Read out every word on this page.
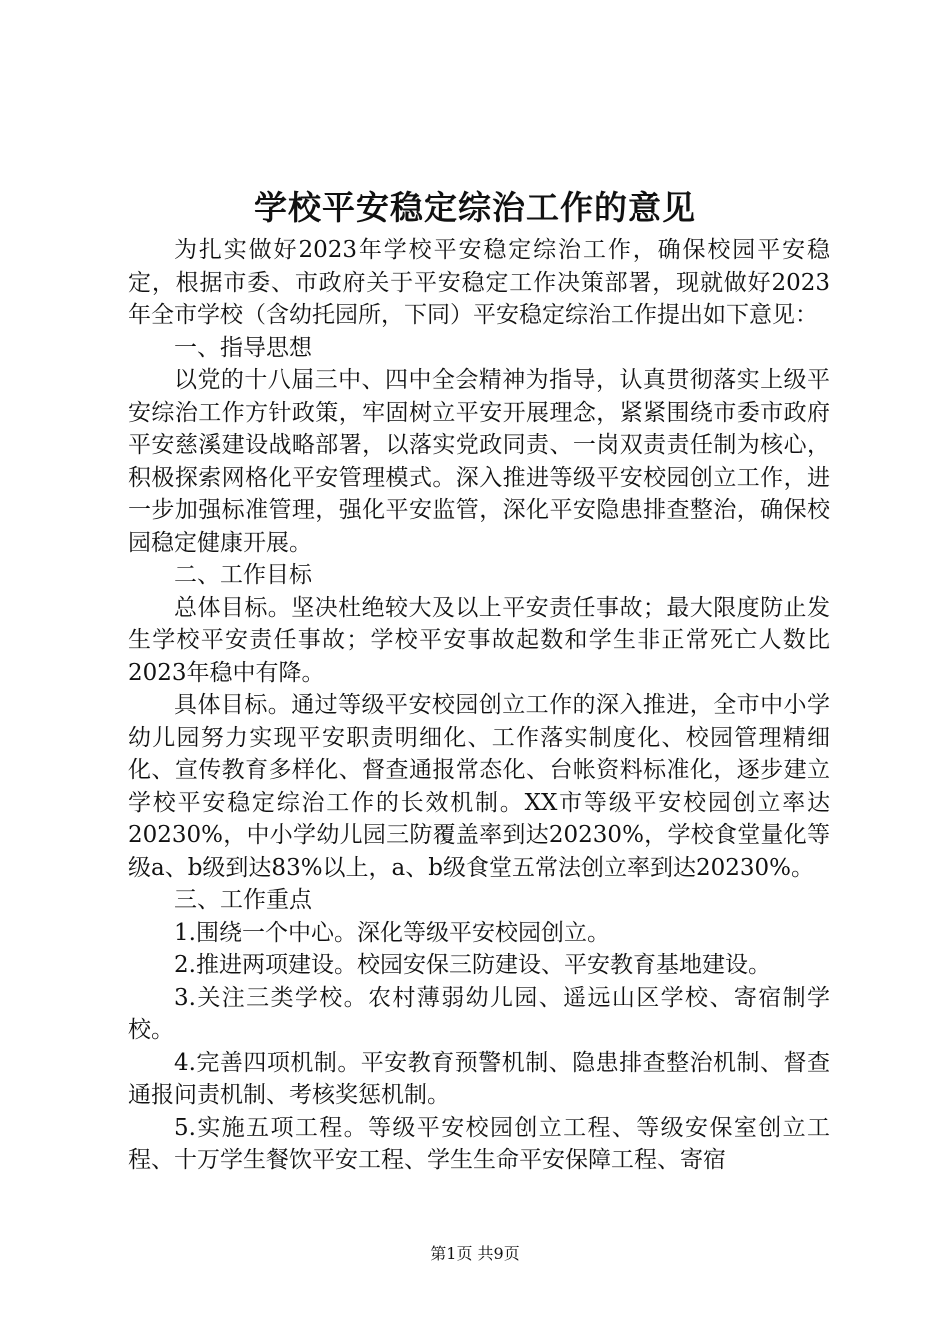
学校平安稳定综治工作的意见

为扎实做好2023年学校平安稳定综治工作，确保校园平安稳定，根据市委、市政府关于平安稳定工作决策部署，现就做好2023年全市学校（含幼托园所，下同）平安稳定综治工作提出如下意见：

一、指导思想

以党的十八届三中、四中全会精神为指导，认真贯彻落实上级平安综治工作方针政策，牢固树立平安开展理念，紧紧围绕市委市政府平安慈溪建设战略部署，以落实党政同责、一岗双责责任制为核心，积极探索网格化平安管理模式。深入推进等级平安校园创立工作，进一步加强标准管理，强化平安监管，深化平安隐患排查整治，确保校园稳定健康开展。

二、工作目标

总体目标。坚决杜绝较大及以上平安责任事故；最大限度防止发生学校平安责任事故；学校平安事故起数和学生非正常死亡人数比2023年稳中有降。

具体目标。通过等级平安校园创立工作的深入推进，全市中小学幼儿园努力实现平安职责明细化、工作落实制度化、校园管理精细化、宣传教育多样化、督查通报常态化、台帐资料标准化，逐步建立学校平安稳定综治工作的长效机制。XX市等级平安校园创立率达20230%，中小学幼儿园三防覆盖率到达20230%，学校食堂量化等级a、b级到达83%以上，a、b级食堂五常法创立率到达20230%。

三、工作重点

1.围绕一个中心。深化等级平安校园创立。

2.推进两项建设。校园安保三防建设、平安教育基地建设。

3.关注三类学校。农村薄弱幼儿园、遥远山区学校、寄宿制学校。

4.完善四项机制。平安教育预警机制、隐患排查整治机制、督查通报问责机制、考核奖惩机制。

5.实施五项工程。等级平安校园创立工程、等级安保室创立工程、十万学生餐饮平安工程、学生生命平安保障工程、寄宿

第1页 共9页
